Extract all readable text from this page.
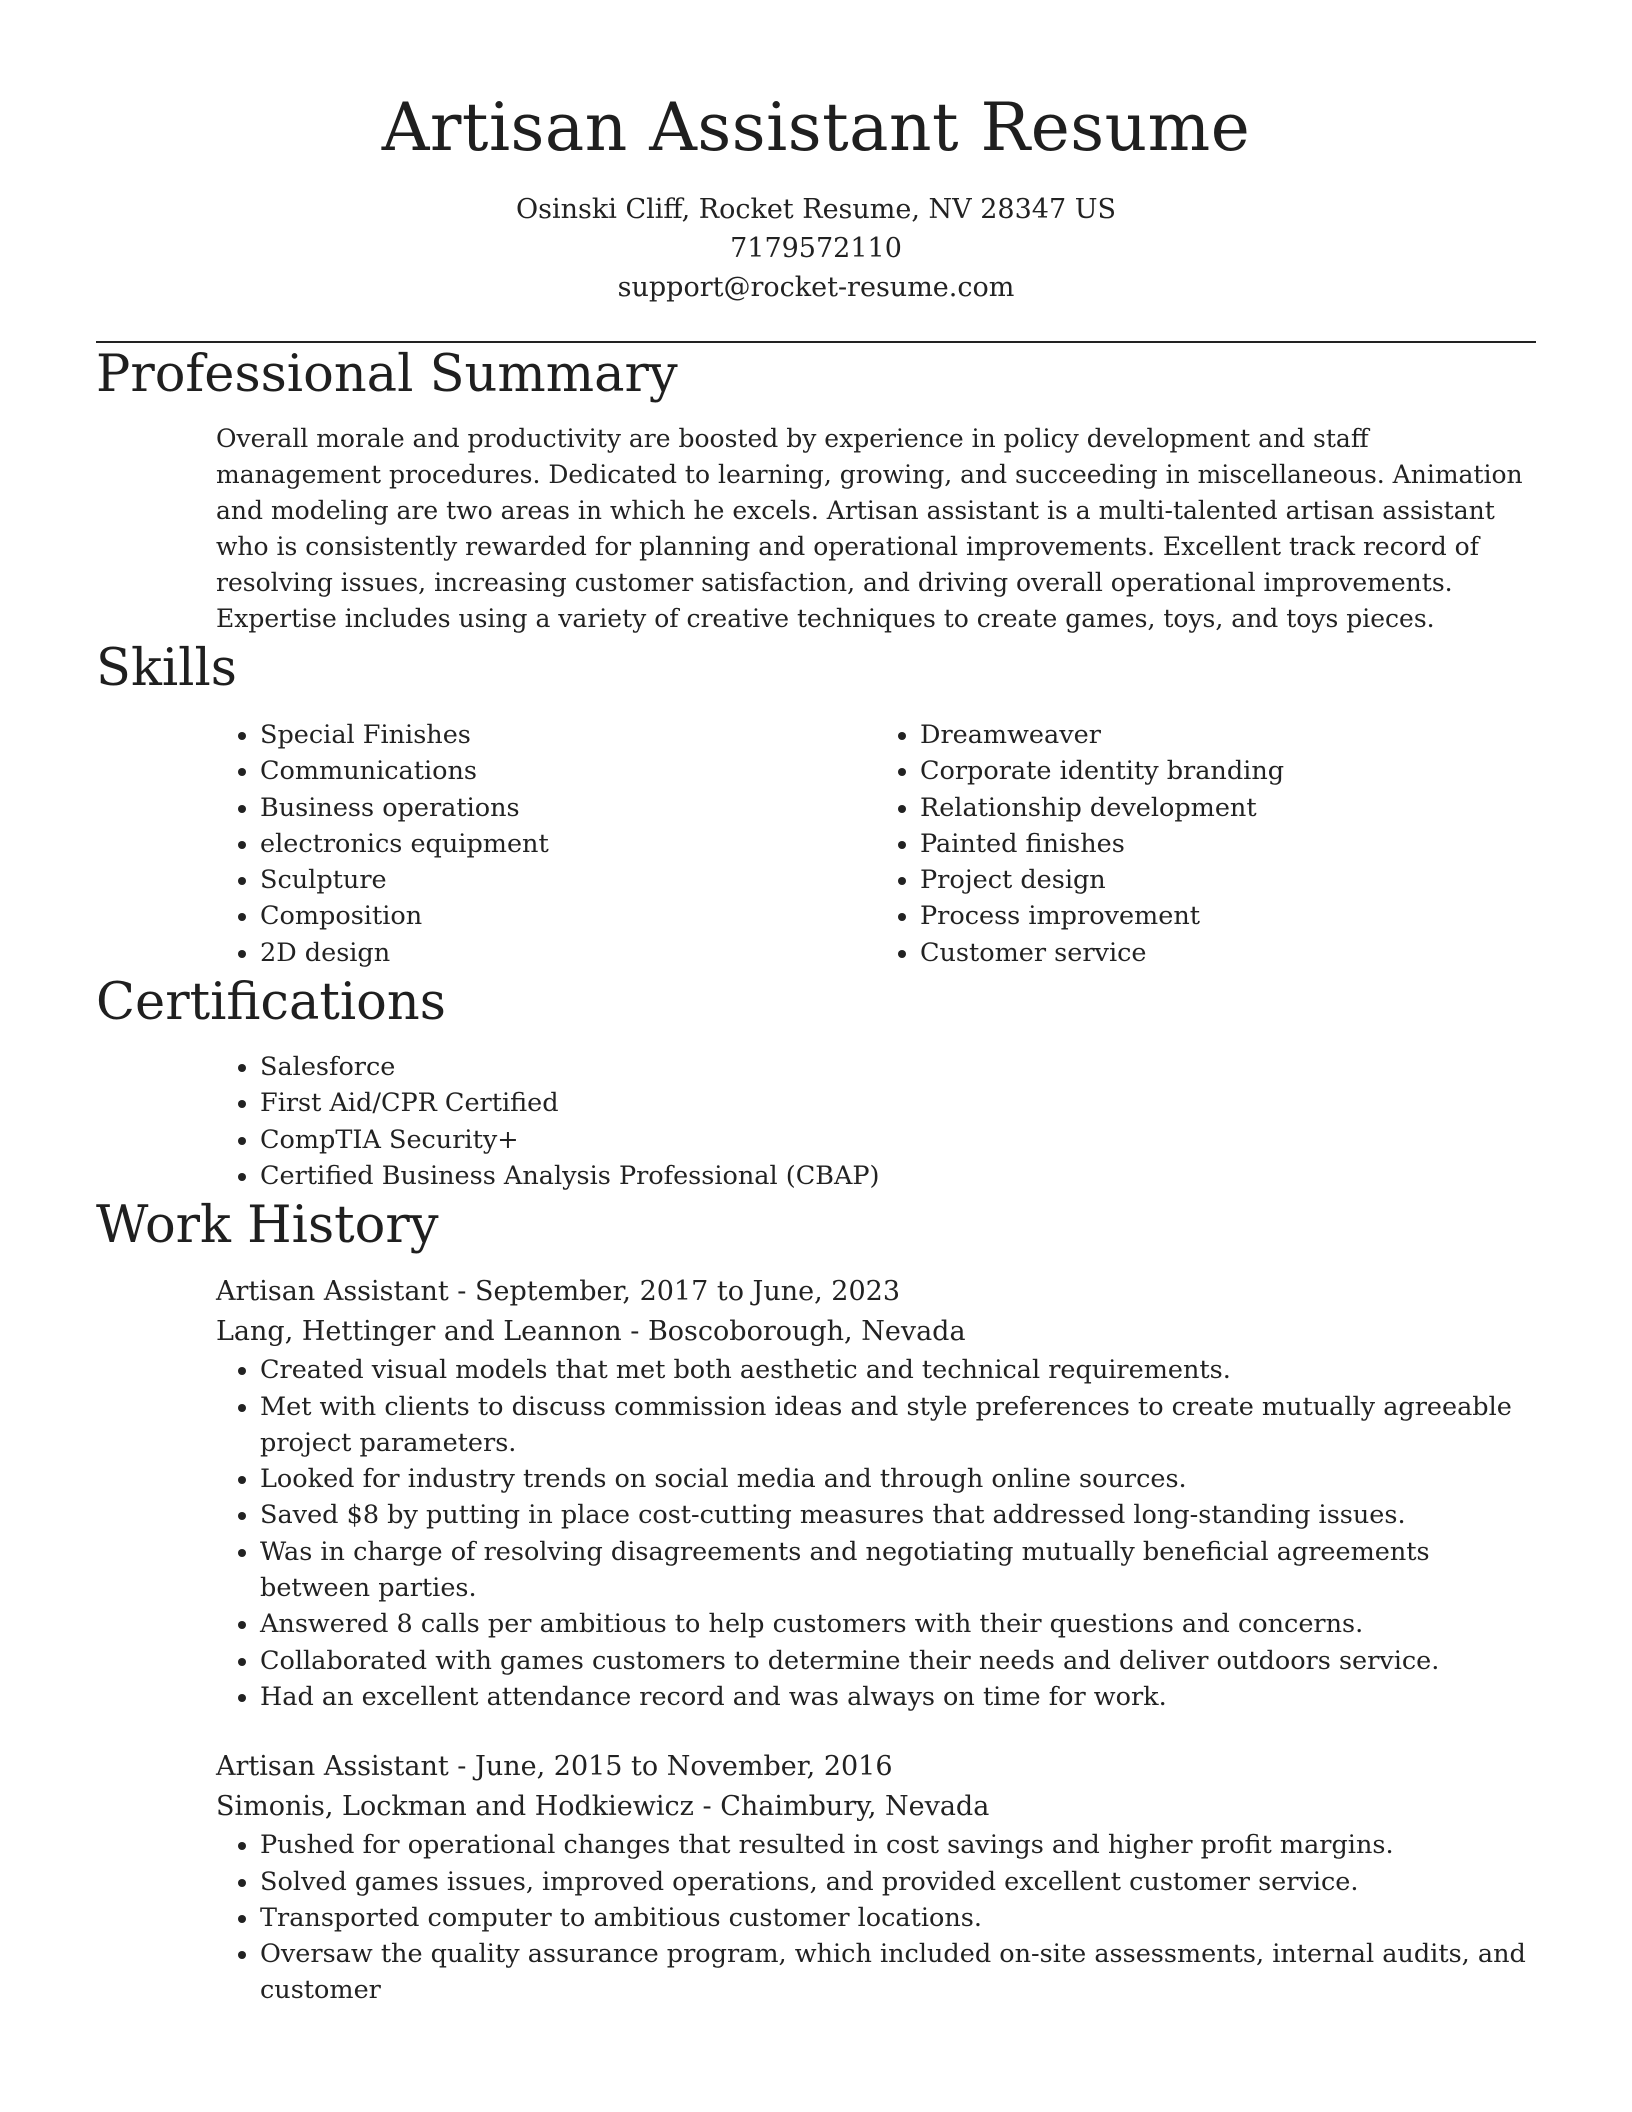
Artisan Assistant Resume
Osinski Cliff, Rocket Resume, NV 28347 US
7179572110
support@rocket-resume.com
Professional Summary
Overall morale and productivity are boosted by experience in policy development and staff management procedures. Dedicated to learning, growing, and succeeding in miscellaneous. Animation and modeling are two areas in which he excels. Artisan assistant is a multi-talented artisan assistant who is consistently rewarded for planning and operational improvements. Excellent track record of resolving issues, increasing customer satisfaction, and driving overall operational improvements. Expertise includes using a variety of creative techniques to create games, toys, and toys pieces.
Skills
• Special Finishes
• Communications
• Business operations
• electronics equipment
• Sculpture
• Composition
• 2D design
• Dreamweaver
• Corporate identity branding
• Relationship development
• Painted finishes
• Project design
• Process improvement
• Customer service
Certifications
• Salesforce
• First Aid/CPR Certified
• CompTIA Security+
• Certified Business Analysis Professional (CBAP)
Work History
Artisan Assistant - September, 2017 to June, 2023
Lang, Hettinger and Leannon - Boscoborough, Nevada
• Created visual models that met both aesthetic and technical requirements.
• Met with clients to discuss commission ideas and style preferences to create mutually agreeable project parameters.
• Looked for industry trends on social media and through online sources.
• Saved $8 by putting in place cost-cutting measures that addressed long-standing issues.
• Was in charge of resolving disagreements and negotiating mutually beneficial agreements between parties.
• Answered 8 calls per ambitious to help customers with their questions and concerns.
• Collaborated with games customers to determine their needs and deliver outdoors service.
• Had an excellent attendance record and was always on time for work.
Artisan Assistant - June, 2015 to November, 2016
Simonis, Lockman and Hodkiewicz - Chaimbury, Nevada
• Pushed for operational changes that resulted in cost savings and higher profit margins.
• Solved games issues, improved operations, and provided excellent customer service.
• Transported computer to ambitious customer locations.
• Oversaw the quality assurance program, which included on-site assessments, internal audits, and customer
